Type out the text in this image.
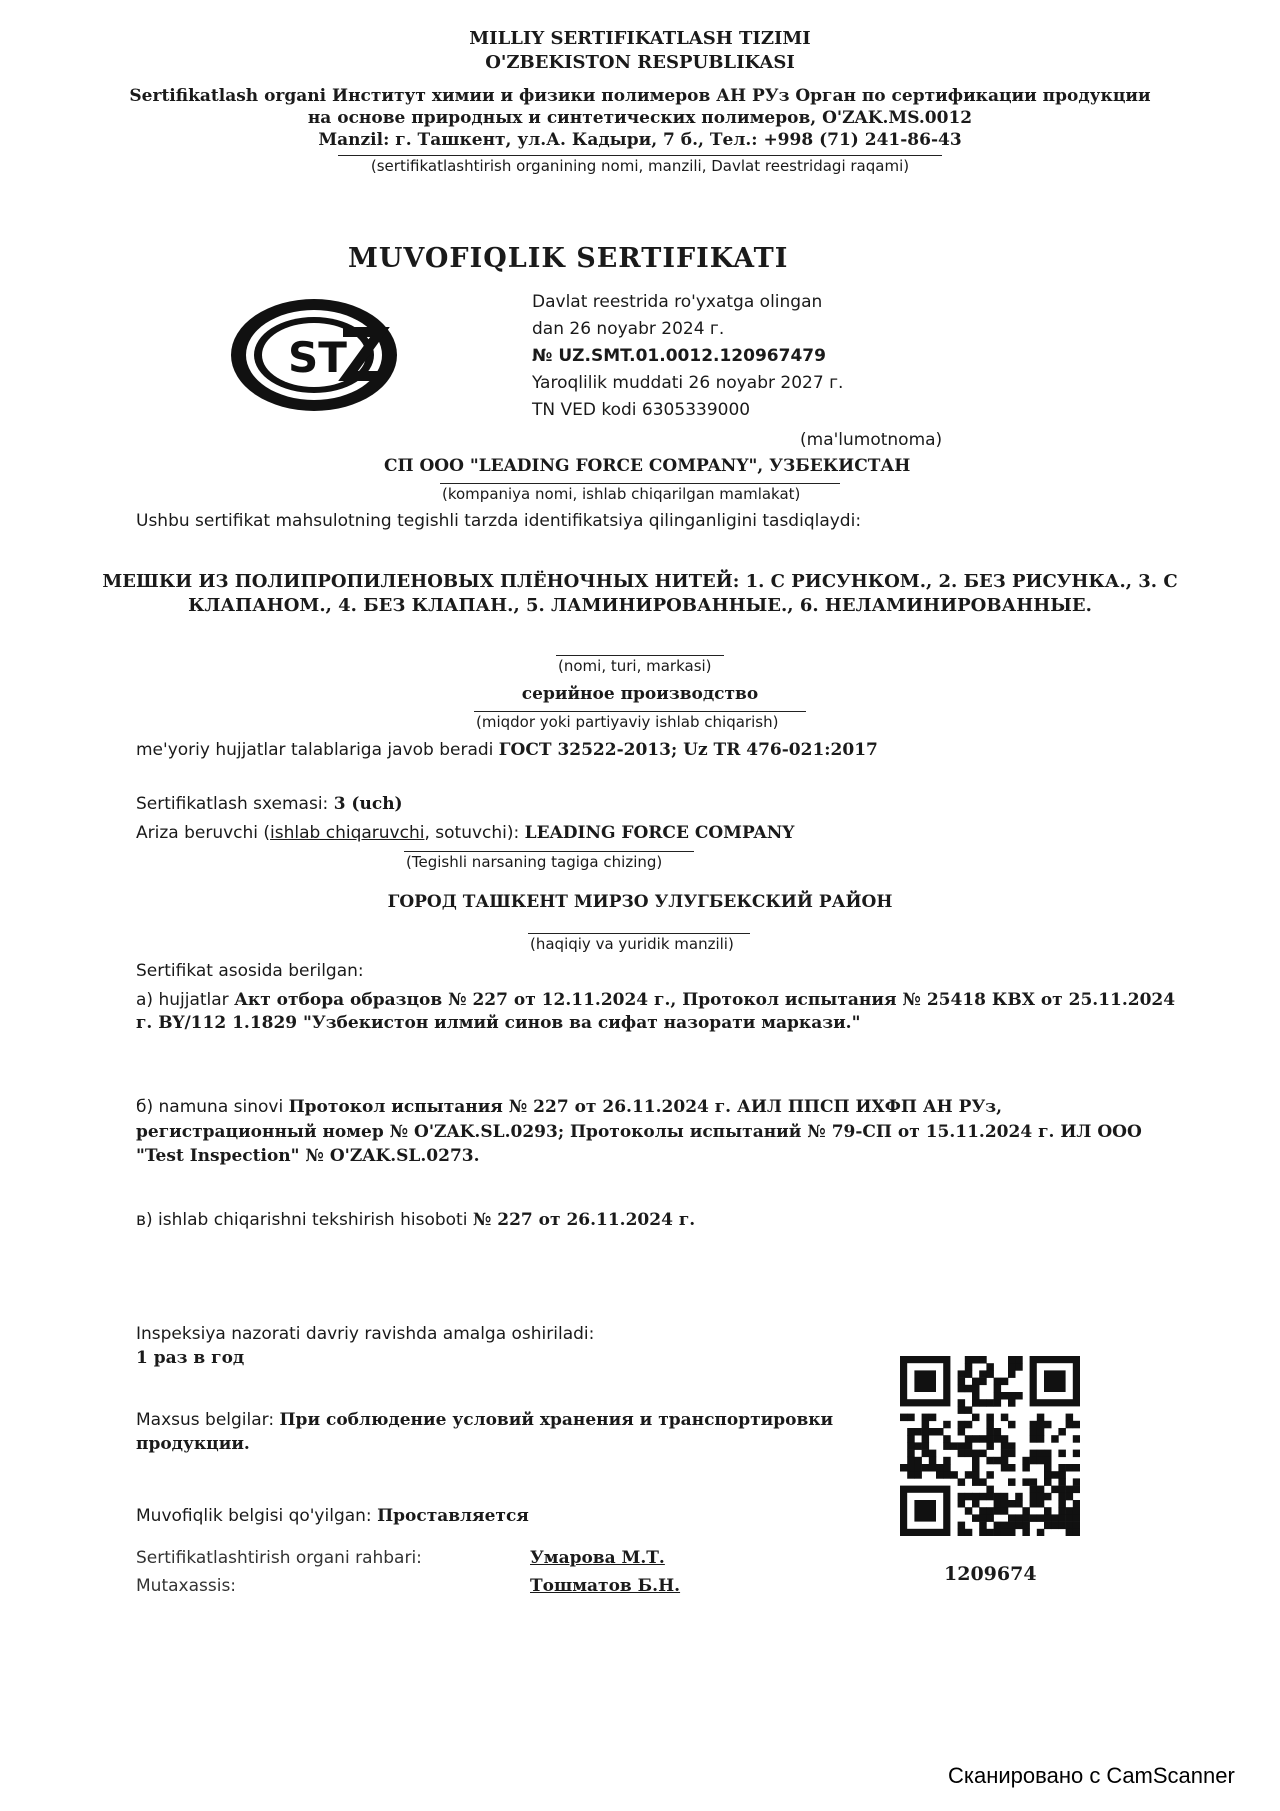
MILLIY SERTIFIKATLASH TIZIMI
O'ZBEKISTON RESPUBLIKASI
Sertifikatlash organi Институт химии и физики полимеров АН РУз Орган по сертификации продукции
на основе природных и синтетических полимеров, O'ZAK.MS.0012
Manzil: г. Ташкент, ул.А. Кадыри, 7 б., Тел.: +998 (71) 241-86-43
(sertifikatlashtirish organining nomi, manzili, Davlat reestridagi raqami)
MUVOFIQLIK SERTIFIKATI
ST
Davlat reestrida ro'yxatga olingan
dan 26 noyabr 2024 г.
№ UZ.SMT.01.0012.120967479
Yaroqlilik muddati 26 noyabr 2027 г.
TN VED kodi 6305339000
(ma'lumotnoma)
СП ООО "LEADING FORCE COMPANY", УЗБЕКИСТАН
(kompaniya nomi, ishlab chiqarilgan mamlakat)
Ushbu sertifikat mahsulotning tegishli tarzda identifikatsiya qilinganligini tasdiqlaydi:
МЕШКИ ИЗ ПОЛИПРОПИЛЕНОВЫХ ПЛЁНОЧНЫХ НИТЕЙ: 1. С РИСУНКОМ., 2. БЕЗ РИСУНКА., 3. С
КЛАПАНОМ., 4. БЕЗ КЛАПАН., 5. ЛАМИНИРОВАННЫЕ., 6. НЕЛАМИНИРОВАННЫЕ.
(nomi, turi, markasi)
серийное производство
(miqdor yoki partiyaviy ishlab chiqarish)
me'yoriy hujjatlar talablariga javob beradi ГОСТ 32522-2013; Uz TR 476-021:2017
Sertifikatlash sxemasi: 3 (uch)
Ariza beruvchi (ishlab chiqaruvchi, sotuvchi): LEADING FORCE COMPANY
(Tegishli narsaning tagiga chizing)
ГОРОД ТАШКЕНТ МИРЗО УЛУГБЕКСКИЙ РАЙОН
(haqiqiy va yuridik manzili)
Sertifikat asosida berilgan:
а) hujjatlar Акт отбора образцов № 227 от 12.11.2024 г., Протокол испытания № 25418 КВХ от 25.11.2024
г. BY/112 1.1829 "Узбекистон илмий синов ва сифат назорати маркази."
б) namuna sinovi Протокол испытания № 227 от 26.11.2024 г. АИЛ ППСП ИХФП АН РУз,
регистрационный номер № O'ZAK.SL.0293; Протоколы испытаний № 79-СП от 15.11.2024 г. ИЛ ООО
"Test Inspection" № O'ZAK.SL.0273.
в) ishlab chiqarishni tekshirish hisoboti № 227 от 26.11.2024 г.
Inspeksiya nazorati davriy ravishda amalga oshiriladi:
1 раз в год
Maxsus belgilar: При соблюдение условий хранения и транспортировки
продукции.
Muvofiqlik belgisi qo'yilgan: Проставляется
Sertifikatlashtirish organi rahbari:	Умарова М.Т.
Mutaxassis:	Тошматов Б.Н.
1209674
Сканировано с CamScanner
